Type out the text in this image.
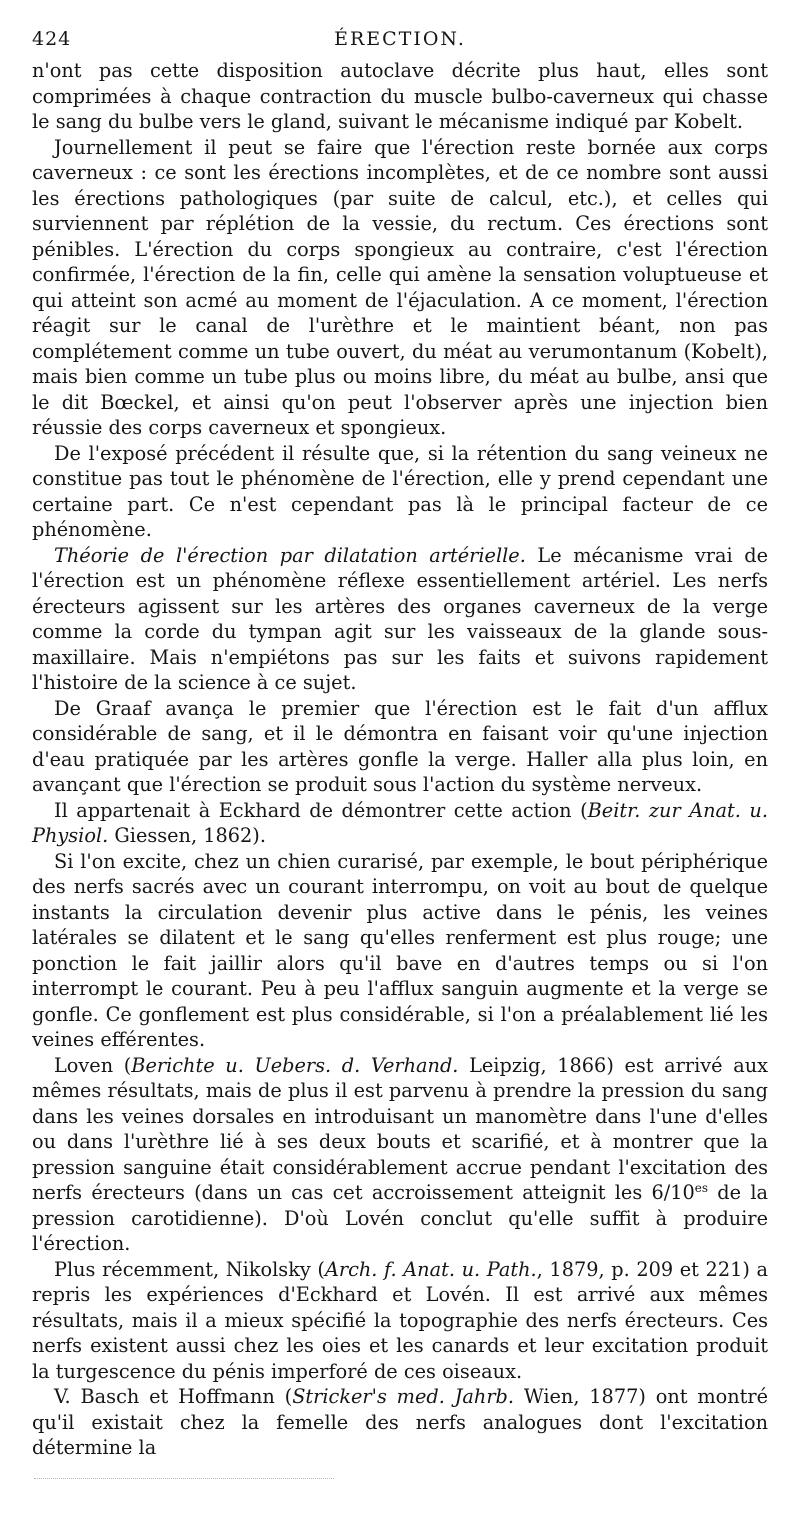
424	ÉRECTION.

n'ont pas cette disposition autoclave décrite plus haut, elles sont comprimées à chaque contraction du muscle bulbo-caverneux qui chasse le sang du bulbe vers le gland, suivant le mécanisme indiqué par Kobelt.

Journellement il peut se faire que l'érection reste bornée aux corps caverneux : ce sont les érections incomplètes, et de ce nombre sont aussi les érections pathologiques (par suite de calcul, etc.), et celles qui surviennent par réplétion de la vessie, du rectum. Ces érections sont pénibles. L'érection du corps spongieux au contraire, c'est l'érection confirmée, l'érection de la fin, celle qui amène la sensation voluptueuse et qui atteint son acmé au moment de l'éjaculation. A ce moment, l'érection réagit sur le canal de l'urèthre et le maintient béant, non pas complétement comme un tube ouvert, du méat au verumontanum (Kobelt), mais bien comme un tube plus ou moins libre, du méat au bulbe, ansi que le dit Bœckel, et ainsi qu'on peut l'observer après une injection bien réussie des corps caverneux et spongieux.

De l'exposé précédent il résulte que, si la rétention du sang veineux ne constitue pas tout le phénomène de l'érection, elle y prend cependant une certaine part. Ce n'est cependant pas là le principal facteur de ce phénomène.

Théorie de l'érection par dilatation artérielle. Le mécanisme vrai de l'érection est un phénomène réflexe essentiellement artériel. Les nerfs érecteurs agissent sur les artères des organes caverneux de la verge comme la corde du tympan agit sur les vaisseaux de la glande sous-maxillaire. Mais n'empiétons pas sur les faits et suivons rapidement l'histoire de la science à ce sujet.

De Graaf avança le premier que l'érection est le fait d'un afflux considérable de sang, et il le démontra en faisant voir qu'une injection d'eau pratiquée par les artères gonfle la verge. Haller alla plus loin, en avançant que l'érection se produit sous l'action du système nerveux.

Il appartenait à Eckhard de démontrer cette action (Beitr. zur Anat. u. Physiol. Giessen, 1862).

Si l'on excite, chez un chien curarisé, par exemple, le bout périphérique des nerfs sacrés avec un courant interrompu, on voit au bout de quelque instants la circulation devenir plus active dans le pénis, les veines latérales se dilatent et le sang qu'elles renferment est plus rouge; une ponction le fait jaillir alors qu'il bave en d'autres temps ou si l'on interrompt le courant. Peu à peu l'afflux sanguin augmente et la verge se gonfle. Ce gonflement est plus considérable, si l'on a préalablement lié les veines efférentes.

Loven (Berichte u. Uebers. d. Verhand. Leipzig, 1866) est arrivé aux mêmes résultats, mais de plus il est parvenu à prendre la pression du sang dans les veines dorsales en introduisant un manomètre dans l'une d'elles ou dans l'urèthre lié à ses deux bouts et scarifié, et à montrer que la pression sanguine était considérablement accrue pendant l'excitation des nerfs érecteurs (dans un cas cet accroissement atteignit les $6/10^{es}$ de la pression carotidienne). D'où Lovén conclut qu'elle suffit à produire l'érection.

Plus récemment, Nikolsky (Arch. f. Anat. u. Path., 1879, p. 209 et 221) a repris les expériences d'Eckhard et Lovén. Il est arrivé aux mêmes résultats, mais il a mieux spécifié la topographie des nerfs érecteurs. Ces nerfs existent aussi chez les oies et les canards et leur excitation produit la turgescence du pénis imperforé de ces oiseaux.

V. Basch et Hoffmann (Stricker's med. Jahrb. Wien, 1877) ont montré qu'il existait chez la femelle des nerfs analogues dont l'excitation détermine la
